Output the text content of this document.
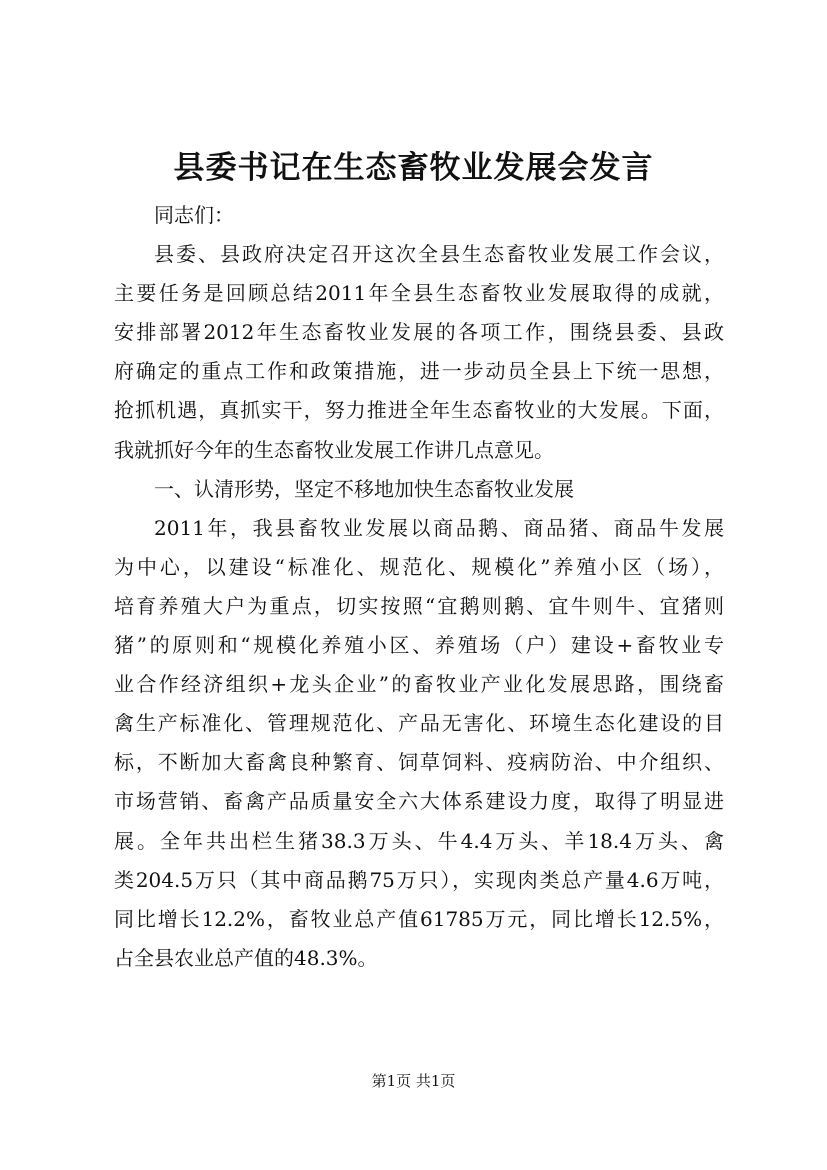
县委书记在生态畜牧业发展会发言
同志们：
县委、县政府决定召开这次全县生态畜牧业发展工作会议，
主要任务是回顾总结2011年全县生态畜牧业发展取得的成就，
安排部署2012年生态畜牧业发展的各项工作，围绕县委、县政
府确定的重点工作和政策措施，进一步动员全县上下统一思想，
抢抓机遇，真抓实干，努力推进全年生态畜牧业的大发展。下面，
我就抓好今年的生态畜牧业发展工作讲几点意见。
一、认清形势，坚定不移地加快生态畜牧业发展
2011年，我县畜牧业发展以商品鹅、商品猪、商品牛发展
为中心，以建设“标准化、规范化、规模化”养殖小区（场），
培育养殖大户为重点，切实按照“宜鹅则鹅、宜牛则牛、宜猪则
猪”的原则和“规模化养殖小区、养殖场（户）建设+畜牧业专
业合作经济组织+龙头企业”的畜牧业产业化发展思路，围绕畜
禽生产标准化、管理规范化、产品无害化、环境生态化建设的目
标，不断加大畜禽良种繁育、饲草饲料、疫病防治、中介组织、
市场营销、畜禽产品质量安全六大体系建设力度，取得了明显进
展。全年共出栏生猪38.3万头、牛4.4万头、羊18.4万头、禽
类204.5万只（其中商品鹅75万只），实现肉类总产量4.6万吨，
同比增长12.2%，畜牧业总产值61785万元，同比增长12.5%，
占全县农业总产值的48.3%。
第1页 共1页
